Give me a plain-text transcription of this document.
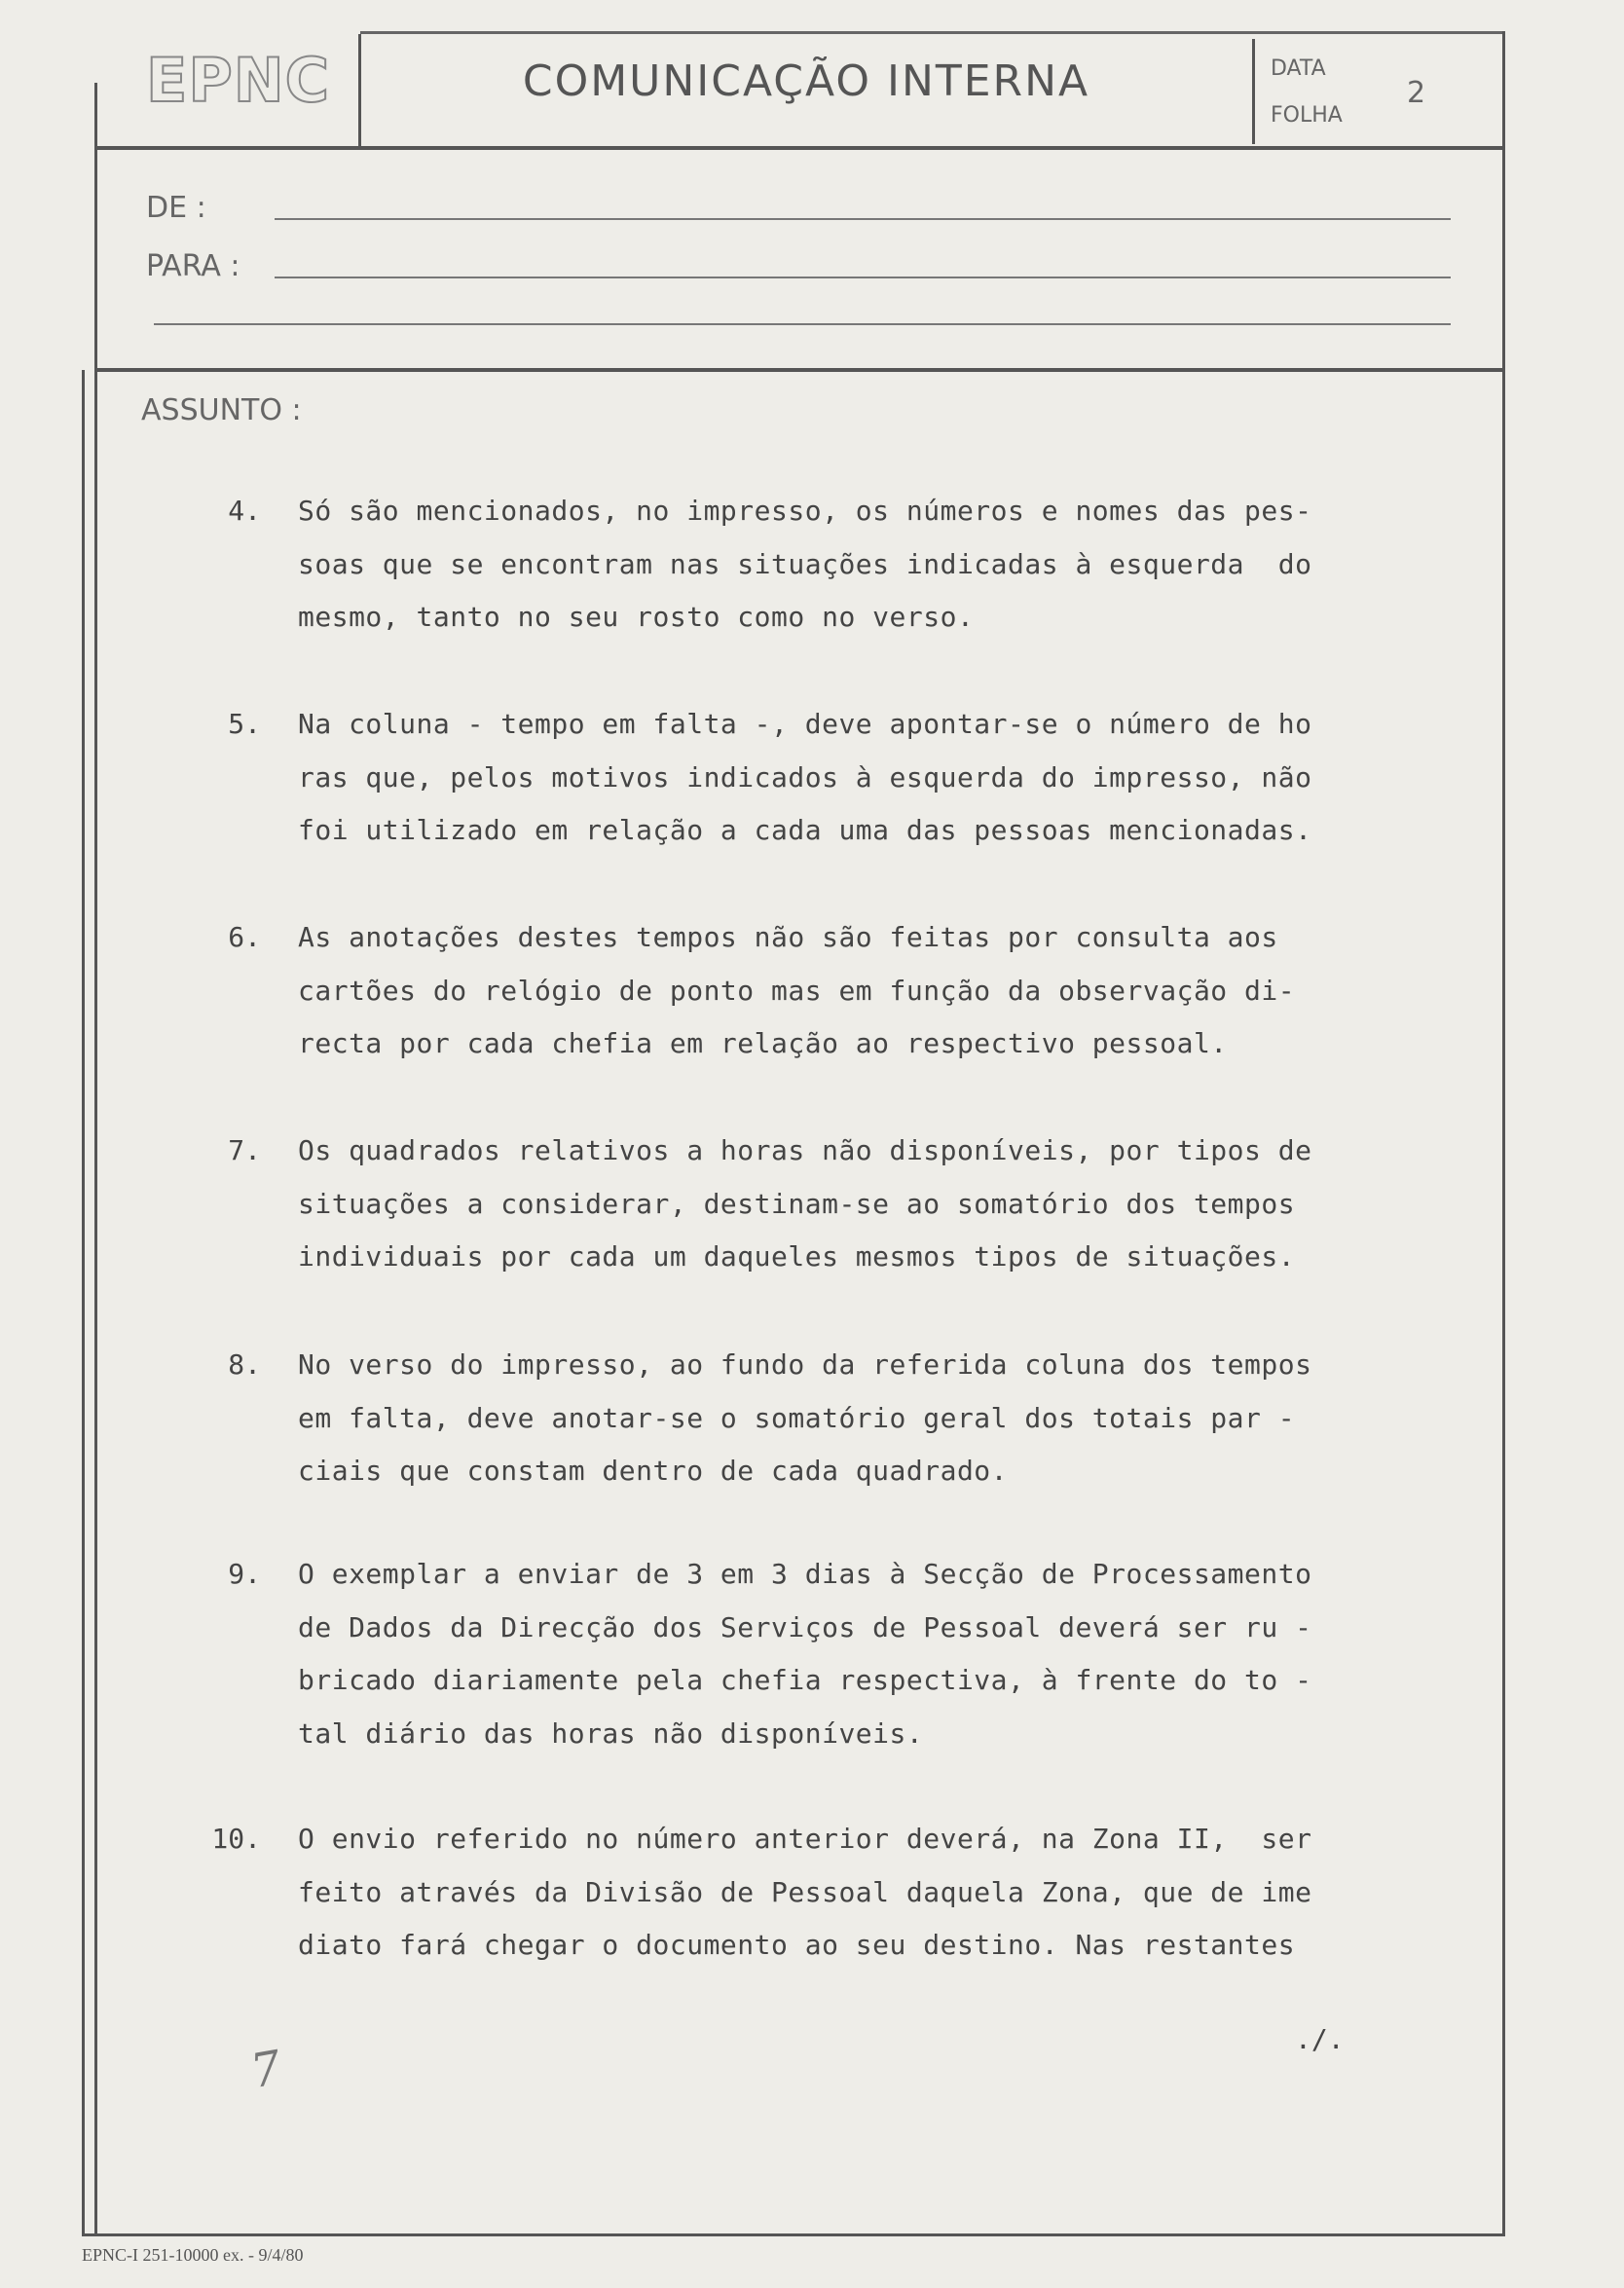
EPNC	COMUNICAÇÃO INTERNA	DATA
FOLHA
2
DE :
PARA :
ASSUNTO :
4. Só são mencionados, no impresso, os números e nomes das pes-
soas que se encontram nas situações indicadas à esquerda  do
mesmo, tanto no seu rosto como no verso.
5. Na coluna - tempo em falta -, deve apontar-se o número de ho
ras que, pelos motivos indicados à esquerda do impresso, não
foi utilizado em relação a cada uma das pessoas mencionadas.
6. As anotações destes tempos não são feitas por consulta aos
cartões do relógio de ponto mas em função da observação di-
recta por cada chefia em relação ao respectivo pessoal.
7. Os quadrados relativos a horas não disponíveis, por tipos de
situações a considerar, destinam-se ao somatório dos tempos
individuais por cada um daqueles mesmos tipos de situações.
8. No verso do impresso, ao fundo da referida coluna dos tempos
em falta, deve anotar-se o somatório geral dos totais par -
ciais que constam dentro de cada quadrado.
9. O exemplar a enviar de 3 em 3 dias à Secção de Processamento
de Dados da Direcção dos Serviços de Pessoal deverá ser ru -
bricado diariamente pela chefia respectiva, à frente do to -
tal diário das horas não disponíveis.
10. O envio referido no número anterior deverá, na Zona II,  ser
feito através da Divisão de Pessoal daquela Zona, que de ime
diato fará chegar o documento ao seu destino. Nas restantes
./.
7
EPNC-I 251-10000 ex. - 9/4/80
